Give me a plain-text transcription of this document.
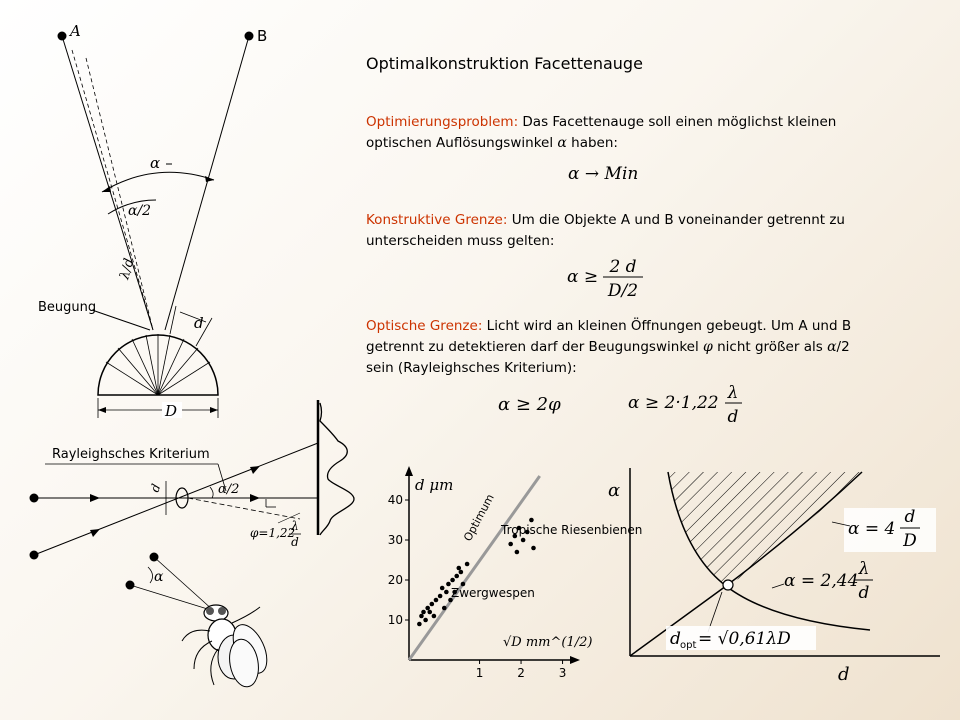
Optimalkonstruktion Facettenauge
Optimierungsproblem: Das Facettenauge soll einen möglichst kleinen
optischen Auflösungswinkel α haben:
α → Min
Konstruktive Grenze: Um die Objekte A und B voneinander getrennt zu
unterscheiden muss gelten:
α ≥ 2 d
D/2
Optische Grenze: Licht wird an kleinen Öffnungen gebeugt. Um A und B
getrennt zu detektieren darf der Beugungswinkel φ nicht größer als α/2
sein (Rayleighsches Kriterium):
α ≥ 2φ	α ≥ 2·1,22 λ
d
A	B
α
α/2
λ/d
Beugung
d
D
Rayleighsches Kriterium
d	α/2
φ=1,22
λ
d
α
d μm
√D mm^(1/2)
10
20
30
40
1	2	3
Optimum Tropische Riesenbienen
Zwergwespen
α
d
α = 4
d
D
α = 2,44
λ
d
d opt = √0,61λD
